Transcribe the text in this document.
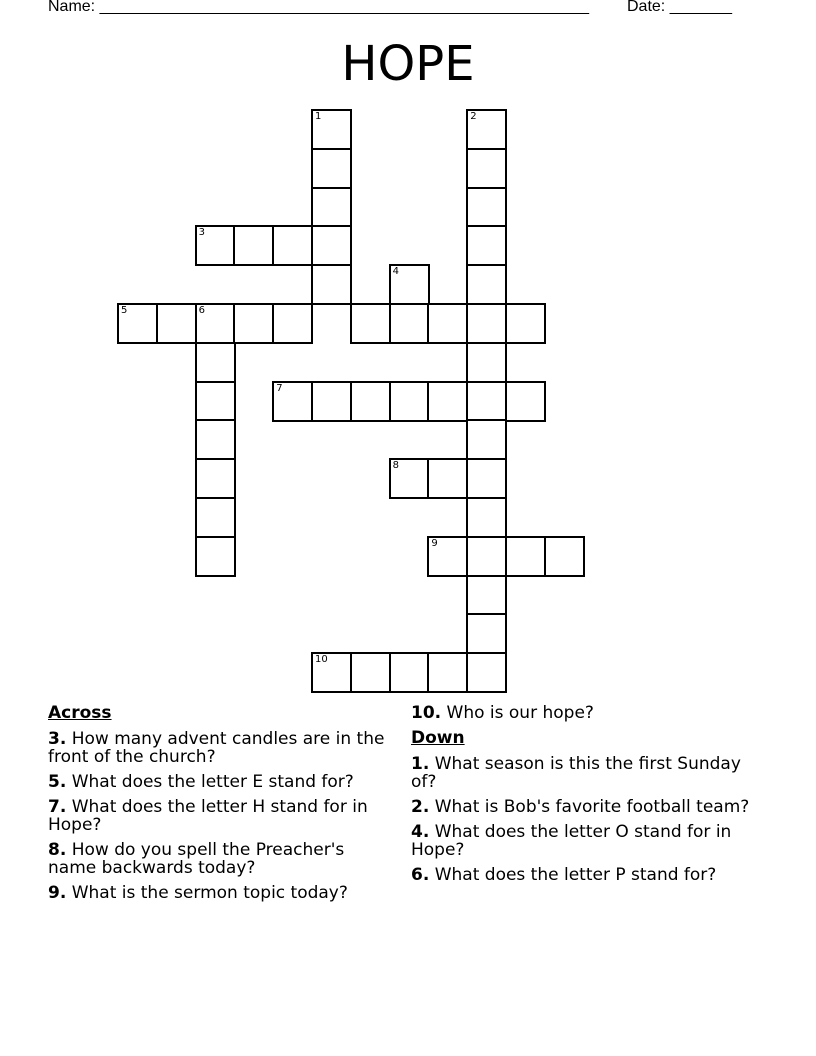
Name: _______________________________________________________ Date: _______
HOPE
1	2
3
4
5	6
7
8
9
10
Across
3. How many advent candles are in the front of the church?
5. What does the letter E stand for?
7. What does the letter H stand for in Hope?
8. How do you spell the Preacher's name backwards today?
9. What is the sermon topic today?
10. Who is our hope?
Down
1. What season is this the first Sunday of?
2. What is Bob's favorite football team?
4. What does the letter O stand for in Hope?
6. What does the letter P stand for?
